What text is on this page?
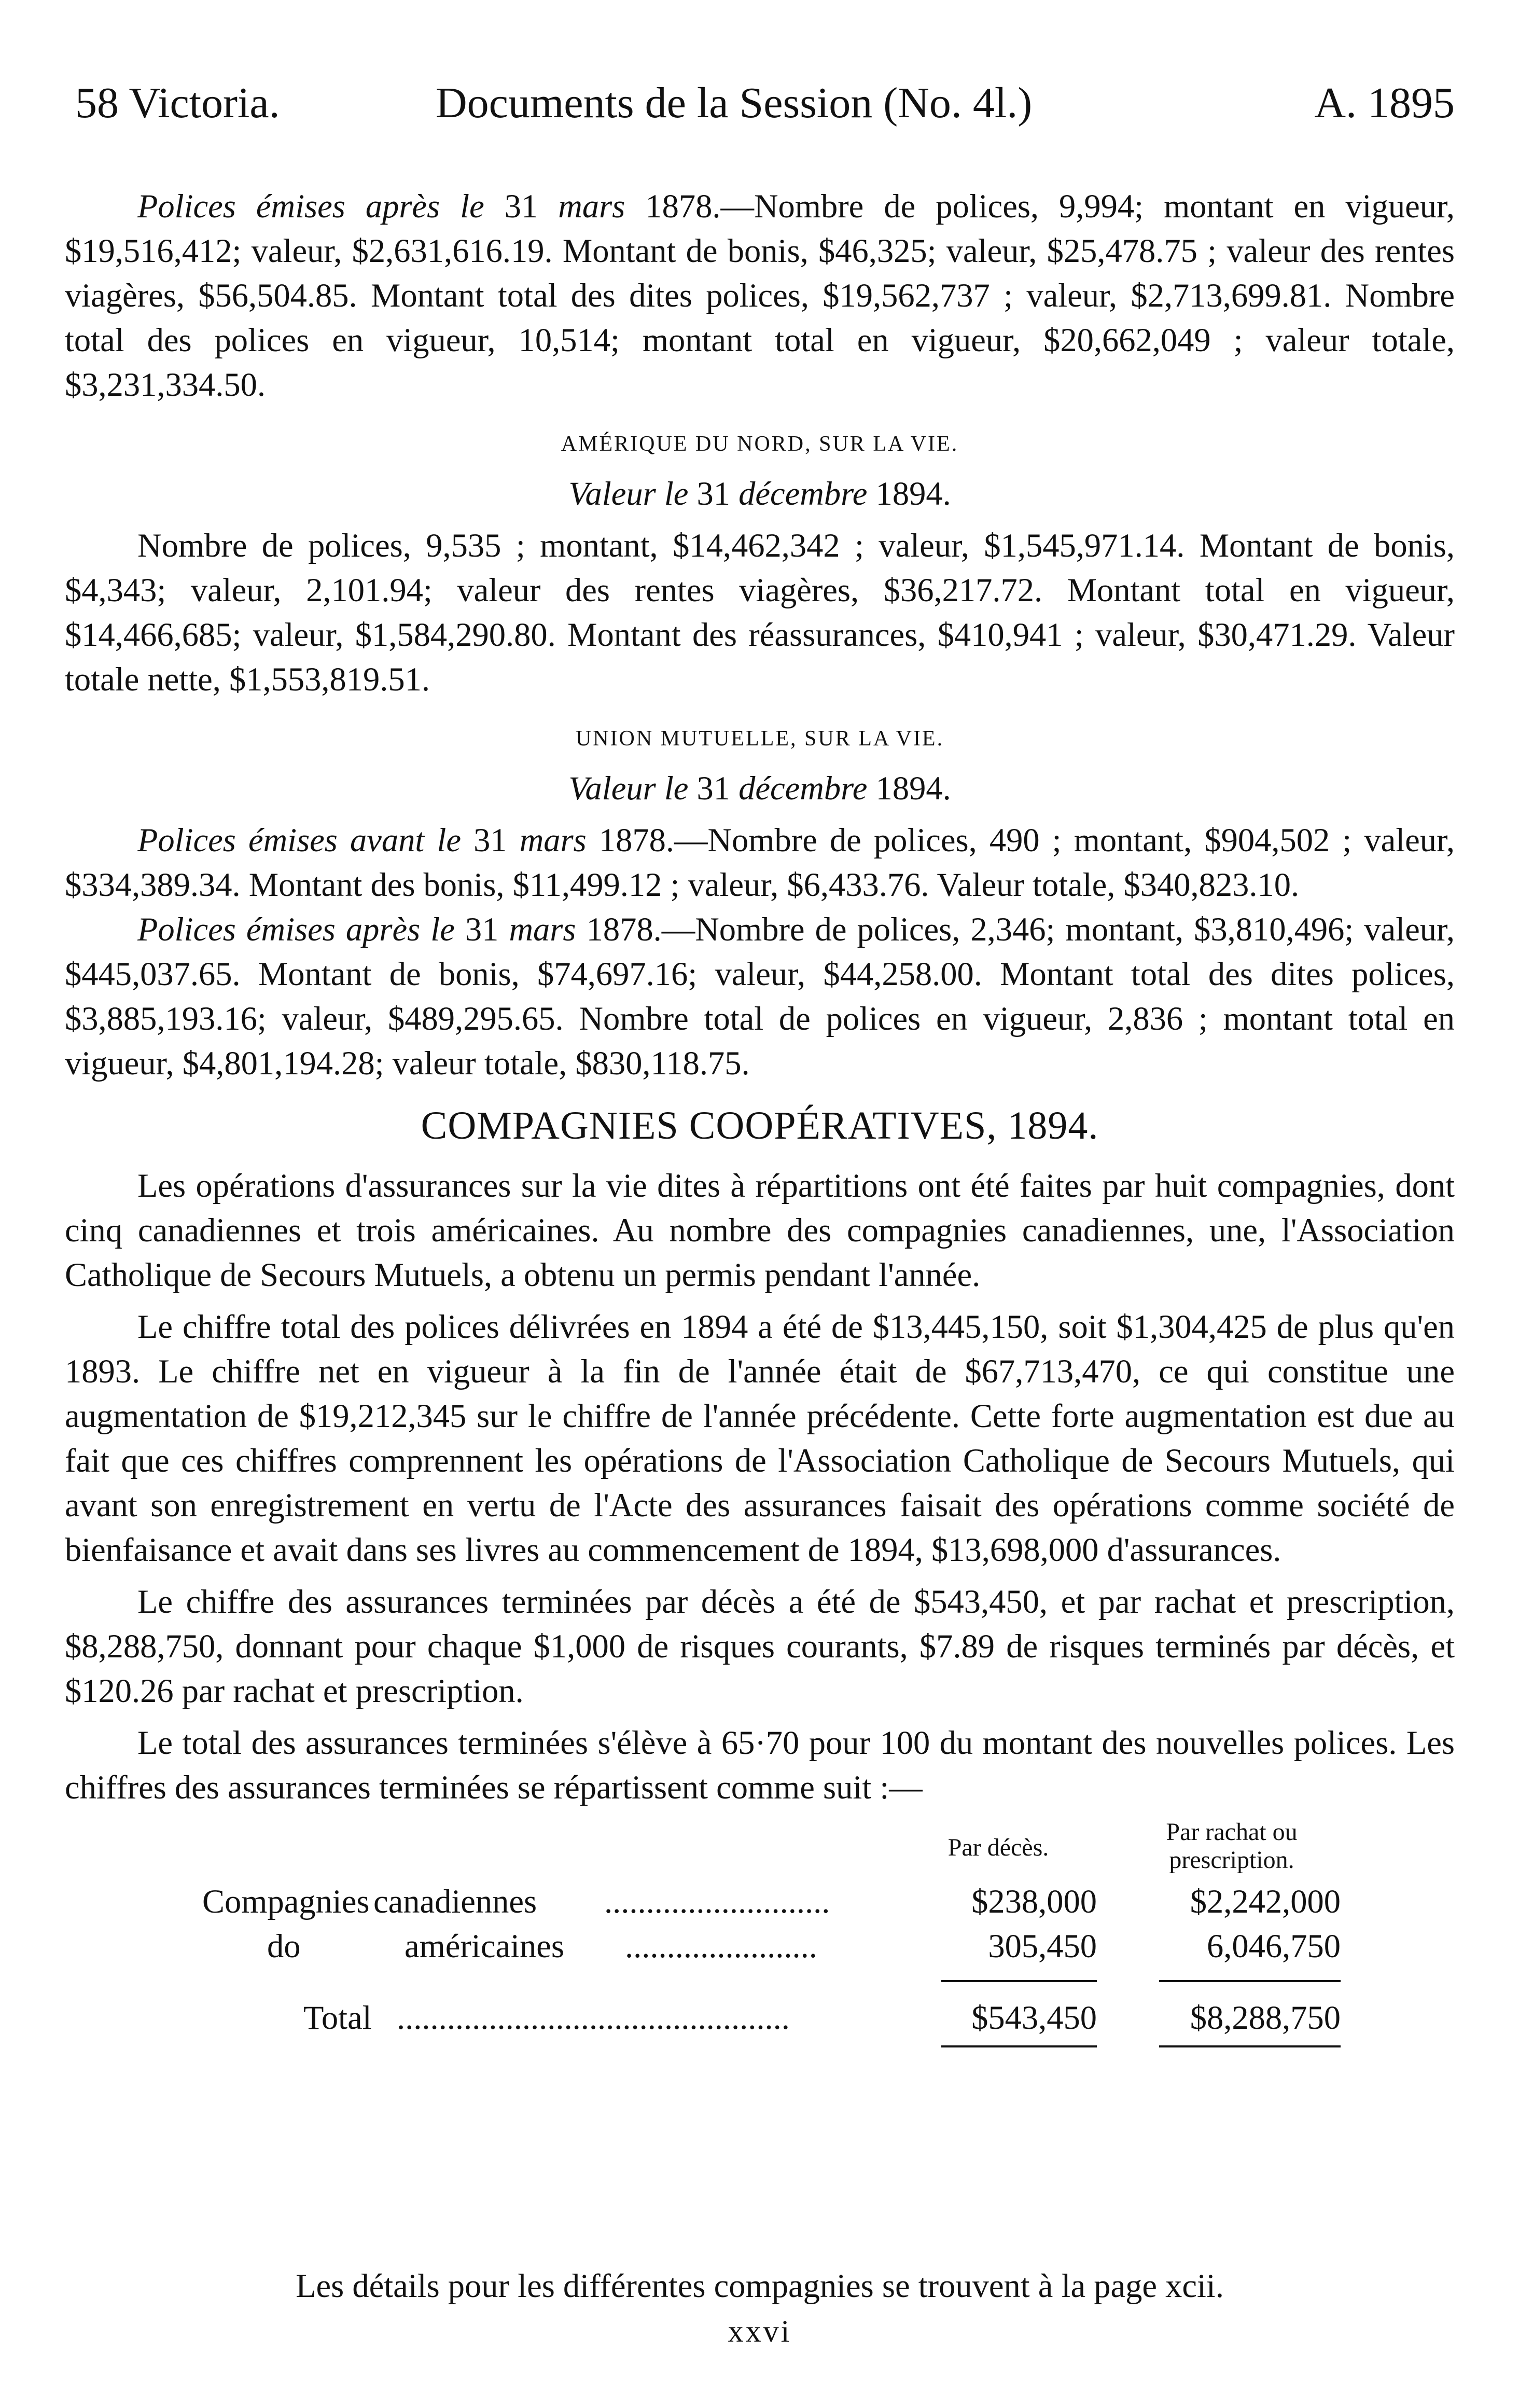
58 Victoria.	Documents de la Session (No. 4l.)	A. 1895

Polices émises après le 31 mars 1878.—Nombre de polices, 9,994; montant en vigueur, $19,516,412; valeur, $2,631,616.19. Montant de bonis, $46,325; valeur, $25,478.75 ; valeur des rentes viagères, $56,504.85. Montant total des dites polices, $19,562,737 ; valeur, $2,713,699.81. Nombre total des polices en vigueur, 10,514; montant total en vigueur, $20,662,049 ; valeur totale, $3,231,334.50.

AMÉRIQUE DU NORD, SUR LA VIE.
Valeur le 31 décembre 1894.

Nombre de polices, 9,535 ; montant, $14,462,342 ; valeur, $1,545,971.14. Montant de bonis, $4,343; valeur, 2,101.94; valeur des rentes viagères, $36,217.72. Montant total en vigueur, $14,466,685; valeur, $1,584,290.80. Montant des réassurances, $410,941 ; valeur, $30,471.29. Valeur totale nette, $1,553,819.51.

UNION MUTUELLE, SUR LA VIE.
Valeur le 31 décembre 1894.

Polices émises avant le 31 mars 1878.—Nombre de polices, 490 ; montant, $904,502 ; valeur, $334,389.34. Montant des bonis, $11,499.12 ; valeur, $6,433.76. Valeur totale, $340,823.10.

Polices émises après le 31 mars 1878.—Nombre de polices, 2,346; montant, $3,810,496; valeur, $445,037.65. Montant de bonis, $74,697.16; valeur, $44,258.00. Montant total des dites polices, $3,885,193.16; valeur, $489,295.65. Nombre total de polices en vigueur, 2,836 ; montant total en vigueur, $4,801,194.28; valeur totale, $830,118.75.

COMPAGNIES COOPÉRATIVES, 1894.

Les opérations d'assurances sur la vie dites à répartitions ont été faites par huit compagnies, dont cinq canadiennes et trois américaines. Au nombre des compagnies canadiennes, une, l'Association Catholique de Secours Mutuels, a obtenu un permis pendant l'année.

Le chiffre total des polices délivrées en 1894 a été de $13,445,150, soit $1,304,425 de plus qu'en 1893. Le chiffre net en vigueur à la fin de l'année était de $67,713,470, ce qui constitue une augmentation de $19,212,345 sur le chiffre de l'année précédente. Cette forte augmentation est due au fait que ces chiffres comprennent les opérations de l'Association Catholique de Secours Mutuels, qui avant son enregistrement en vertu de l'Acte des assurances faisait des opérations comme société de bienfaisance et avait dans ses livres au commencement de 1894, $13,698,000 d'assurances.

Le chiffre des assurances terminées par décès a été de $543,450, et par rachat et prescription, $8,288,750, donnant pour chaque $1,000 de risques courants, $7.89 de risques terminés par décès, et $120.26 par rachat et prescription.

Le total des assurances terminées s'élève à 65·70 pour 100 du montant des nouvelles polices. Les chiffres des assurances terminées se répartissent comme suit :—

Par décès.
Par rachat ou
prescription.
Compagnies canadiennes ...........................	$238,000	$2,242,000
do	américaines .......................	305,450	6,046,750
Total ...............................................	$543,450	$8,288,750
Les détails pour les différentes compagnies se trouvent à la page xcii.
xxvi
